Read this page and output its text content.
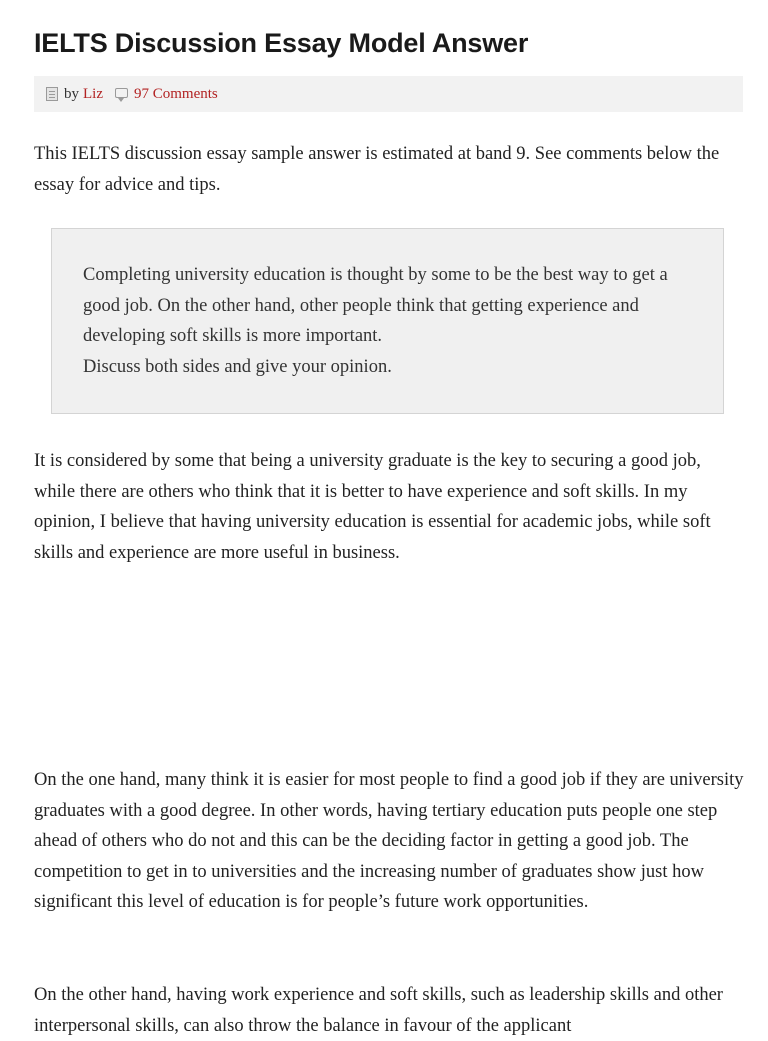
IELTS Discussion Essay Model Answer
by Liz 97 Comments

This IELTS discussion essay sample answer is estimated at band 9. See comments below the essay for advice and tips.

Completing university education is thought by some to be the best way to get a good job. On the other hand, other people think that getting experience and developing soft skills is more important.
Discuss both sides and give your opinion.

It is considered by some that being a university graduate is the key to securing a good job, while there are others who think that it is better to have experience and soft skills. In my opinion, I believe that having university education is essential for academic jobs, while soft skills and experience are more useful in business.

On the one hand, many think it is easier for most people to find a good job if they are university graduates with a good degree. In other words, having tertiary education puts people one step ahead of others who do not and this can be the deciding factor in getting a good job. The competition to get in to universities and the increasing number of graduates show just how significant this level of education is for people’s future work opportunities.

On the other hand, having work experience and soft skills, such as leadership skills and other interpersonal skills, can also throw the balance in favour of the applicant
